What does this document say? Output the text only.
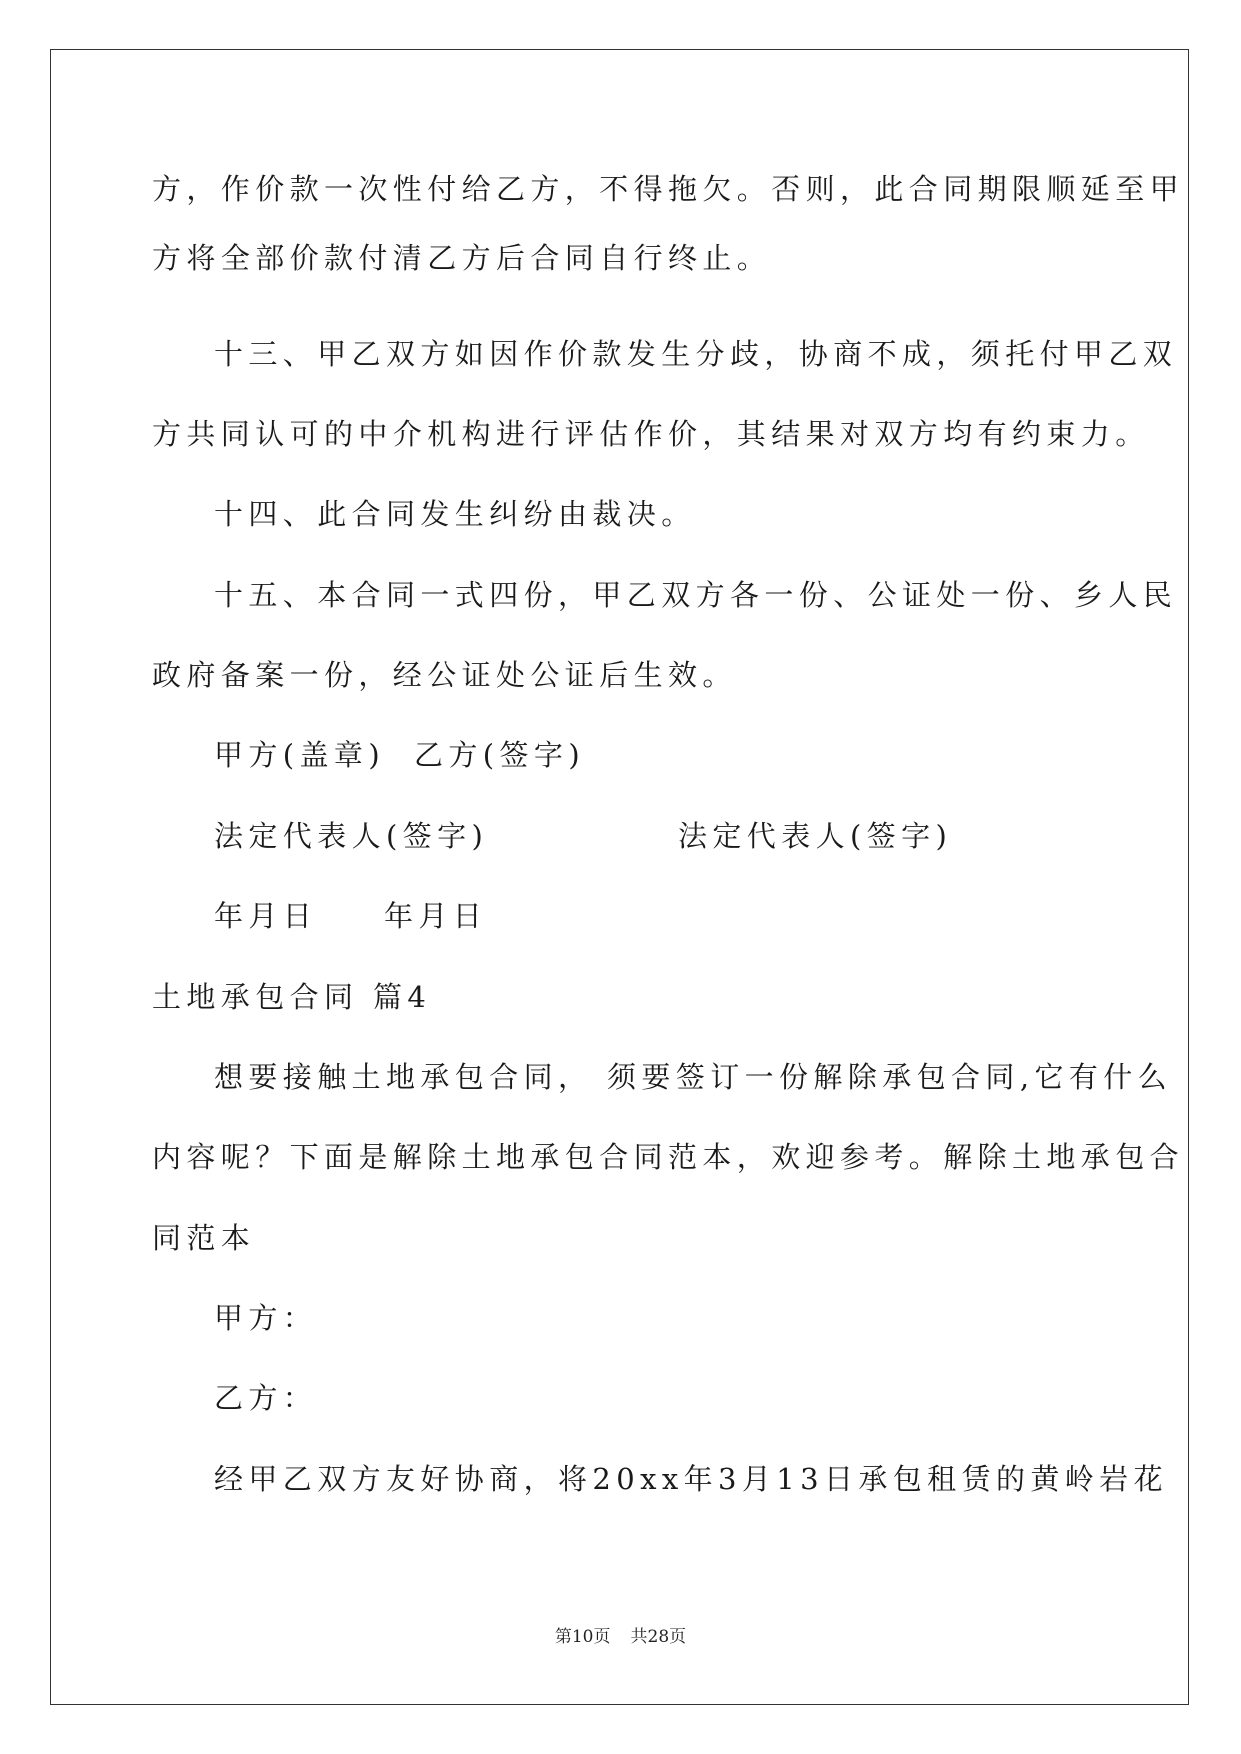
方，作价款一次性付给乙方，不得拖欠。否则，此合同期限顺延至甲
方将全部价款付清乙方后合同自行终止。
十三、甲乙双方如因作价款发生分歧，协商不成，须托付甲乙双
方共同认可的中介机构进行评估作价，其结果对双方均有约束力。
十四、此合同发生纠纷由裁决。
十五、本合同一式四份，甲乙双方各一份、公证处一份、乡人民
政府备案一份，经公证处公证后生效。
甲方(盖章) 乙方(签字)
法定代表人(签字)	法定代表人(签字)
年月日 年月日
土地承包合同 篇4
想要接触土地承包合同， 须要签订一份解除承包合同,它有什么
内容呢？下面是解除土地承包合同范本，欢迎参考。解除土地承包合
同范本
甲方：
乙方：
经甲乙双方友好协商，将20xx年3月13日承包租赁的黄岭岩花
第10页 共28页
